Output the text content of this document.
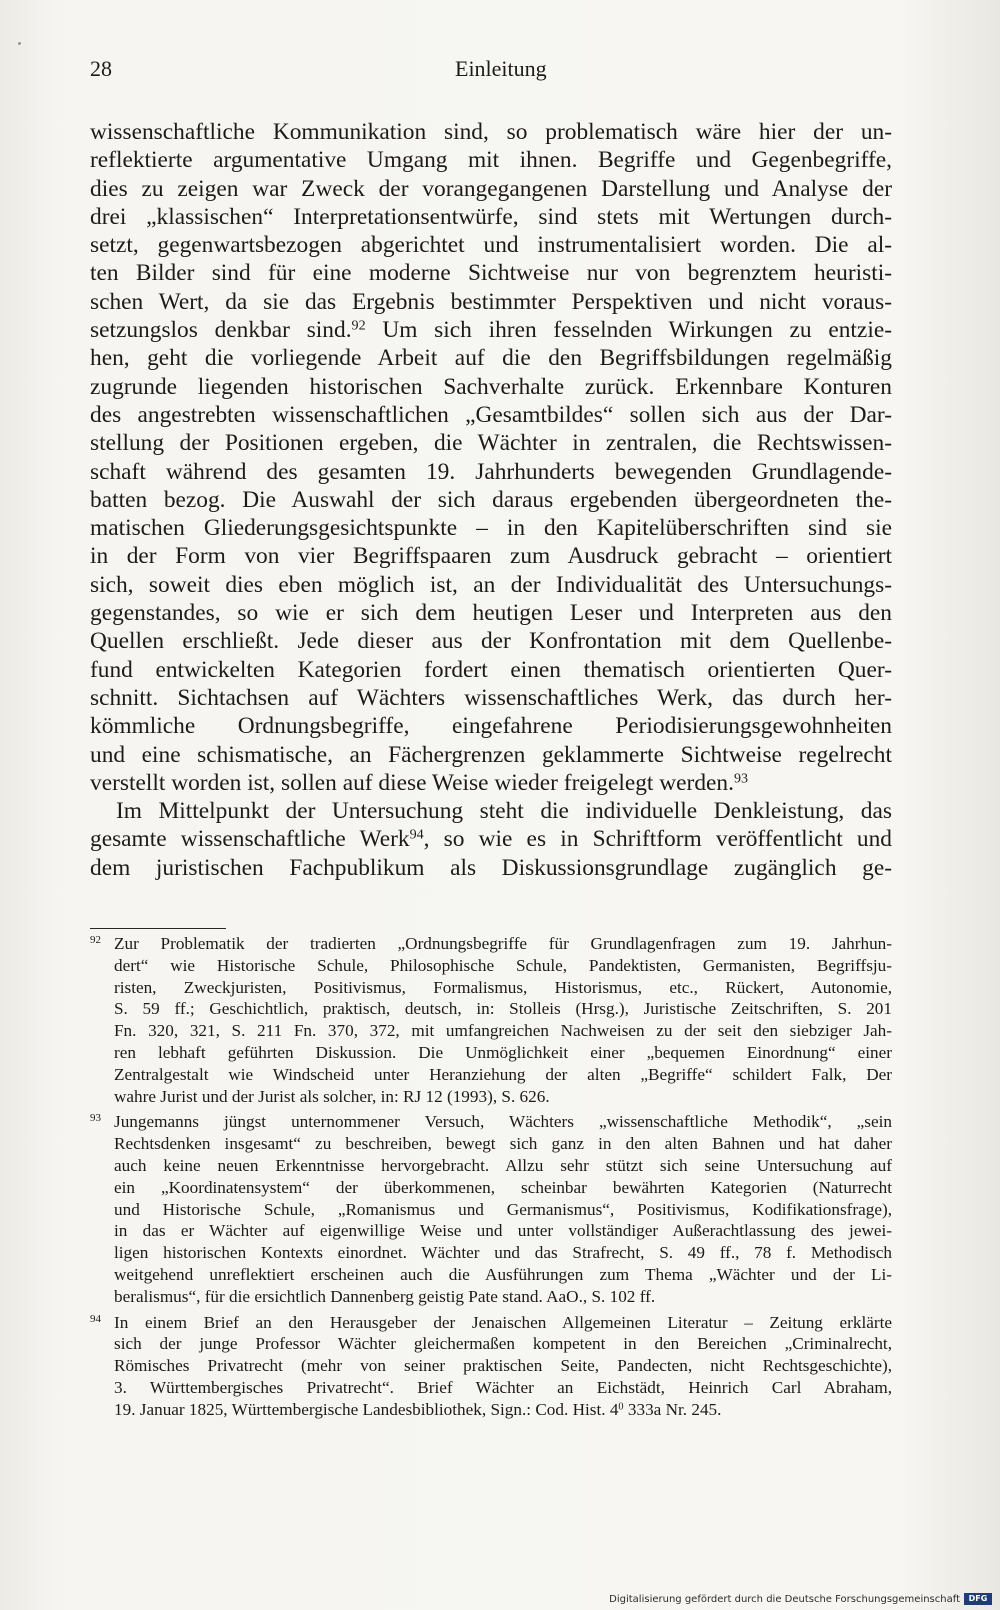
28	Einleitung
wissenschaftliche Kommunikation sind, so problematisch wäre hier der un-
reflektierte argumentative Umgang mit ihnen. Begriffe und Gegenbegriffe,
dies zu zeigen war Zweck der vorangegangenen Darstellung und Analyse der
drei „klassischen“ Interpretationsentwürfe, sind stets mit Wertungen durch-
setzt, gegenwartsbezogen abgerichtet und instrumentalisiert worden. Die al-
ten Bilder sind für eine moderne Sichtweise nur von begrenztem heuristi-
schen Wert, da sie das Ergebnis bestimmter Perspektiven und nicht voraus-
setzungslos denkbar sind.$^{92}$ Um sich ihren fesselnden Wirkungen zu entzie-
hen, geht die vorliegende Arbeit auf die den Begriffsbildungen regelmäßig
zugrunde liegenden historischen Sachverhalte zurück. Erkennbare Konturen
des angestrebten wissenschaftlichen „Gesamtbildes“ sollen sich aus der Dar-
stellung der Positionen ergeben, die Wächter in zentralen, die Rechtswissen-
schaft während des gesamten 19. Jahrhunderts bewegenden Grundlagende-
batten bezog. Die Auswahl der sich daraus ergebenden übergeordneten the-
matischen Gliederungsgesichtspunkte – in den Kapitelüberschriften sind sie
in der Form von vier Begriffspaaren zum Ausdruck gebracht – orientiert
sich, soweit dies eben möglich ist, an der Individualität des Untersuchungs-
gegenstandes, so wie er sich dem heutigen Leser und Interpreten aus den
Quellen erschließt. Jede dieser aus der Konfrontation mit dem Quellenbe-
fund entwickelten Kategorien fordert einen thematisch orientierten Quer-
schnitt. Sichtachsen auf Wächters wissenschaftliches Werk, das durch her-
kömmliche Ordnungsbegriffe, eingefahrene Periodisierungsgewohnheiten
und eine schismatische, an Fächergrenzen geklammerte Sichtweise regelrecht
verstellt worden ist, sollen auf diese Weise wieder freigelegt werden.$^{93}$
Im Mittelpunkt der Untersuchung steht die individuelle Denkleistung, das
gesamte wissenschaftliche Werk$^{94}$, so wie es in Schriftform veröffentlicht und
dem juristischen Fachpublikum als Diskussionsgrundlage zugänglich ge-
92 Zur Problematik der tradierten „Ordnungsbegriffe für Grundlagenfragen zum 19. Jahrhun-
dert“ wie Historische Schule, Philosophische Schule, Pandektisten, Germanisten, Begriffsju-
risten, Zweckjuristen, Positivismus, Formalismus, Historismus, etc., Rückert, Autonomie,
S. 59 ff.; Geschichtlich, praktisch, deutsch, in: Stolleis (Hrsg.), Juristische Zeitschriften, S. 201
Fn. 320, 321, S. 211 Fn. 370, 372, mit umfangreichen Nachweisen zu der seit den siebziger Jah-
ren lebhaft geführten Diskussion. Die Unmöglichkeit einer „bequemen Einordnung“ einer
Zentralgestalt wie Windscheid unter Heranziehung der alten „Begriffe“ schildert Falk, Der
wahre Jurist und der Jurist als solcher, in: RJ 12 (1993), S. 626.
93 Jungemanns jüngst unternommener Versuch, Wächters „wissenschaftliche Methodik“, „sein
Rechtsdenken insgesamt“ zu beschreiben, bewegt sich ganz in den alten Bahnen und hat daher
auch keine neuen Erkenntnisse hervorgebracht. Allzu sehr stützt sich seine Untersuchung auf
ein „Koordinatensystem“ der überkommenen, scheinbar bewährten Kategorien (Naturrecht
und Historische Schule, „Romanismus und Germanismus“, Positivismus, Kodifikationsfrage),
in das er Wächter auf eigenwillige Weise und unter vollständiger Außerachtlassung des jewei-
ligen historischen Kontexts einordnet. Wächter und das Strafrecht, S. 49 ff., 78 f. Methodisch
weitgehend unreflektiert erscheinen auch die Ausführungen zum Thema „Wächter und der Li-
beralismus“, für die ersichtlich Dannenberg geistig Pate stand. AaO., S. 102 ff.
94 In einem Brief an den Herausgeber der Jenaischen Allgemeinen Literatur – Zeitung erklärte
sich der junge Professor Wächter gleichermaßen kompetent in den Bereichen „Criminalrecht,
Römisches Privatrecht (mehr von seiner praktischen Seite, Pandecten, nicht Rechtsgeschichte),
3. Württembergisches Privatrecht“. Brief Wächter an Eichstädt, Heinrich Carl Abraham,
19. Januar 1825, Württembergische Landesbibliothek, Sign.: Cod. Hist. $4^0$ 333a Nr. 245.
Digitalisierung gefördert durch die Deutsche Forschungsgemeinschaft	DFG
